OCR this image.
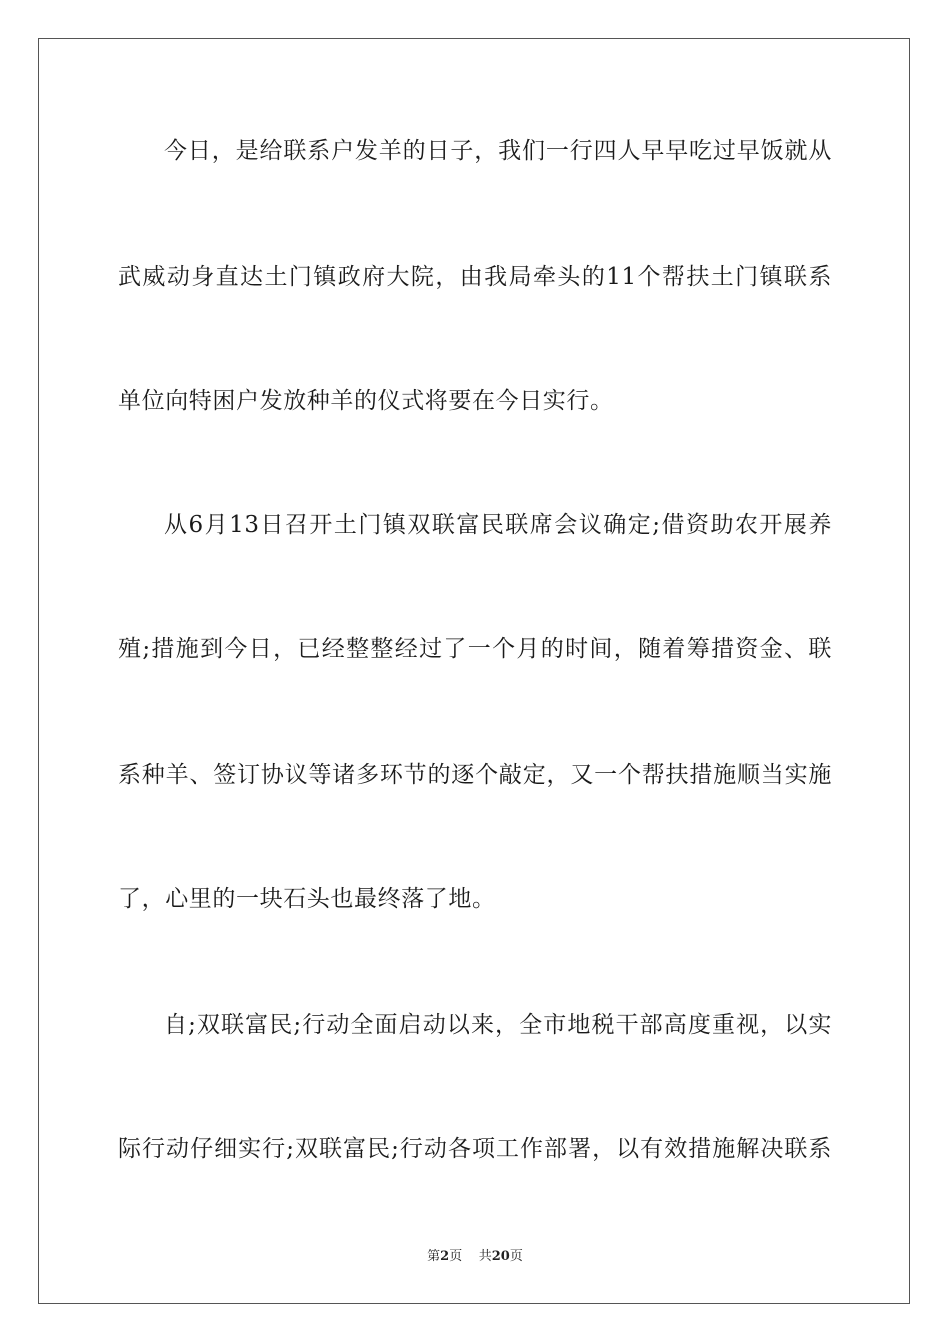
今日，是给联系户发羊的日子，我们一行四人早早吃过早饭就从
武威动身直达土门镇政府大院，由我局牵头的11个帮扶土门镇联系
单位向特困户发放种羊的仪式将要在今日实行。
从6月13日召开土门镇双联富民联席会议确定;借资助农开展养
殖;措施到今日，已经整整经过了一个月的时间，随着筹措资金、联
系种羊、签订协议等诸多环节的逐个敲定，又一个帮扶措施顺当实施
了，心里的一块石头也最终落了地。
自;双联富民;行动全面启动以来，全市地税干部高度重视，以实
际行动仔细实行;双联富民;行动各项工作部署，以有效措施解决联系
第2页 共20页
